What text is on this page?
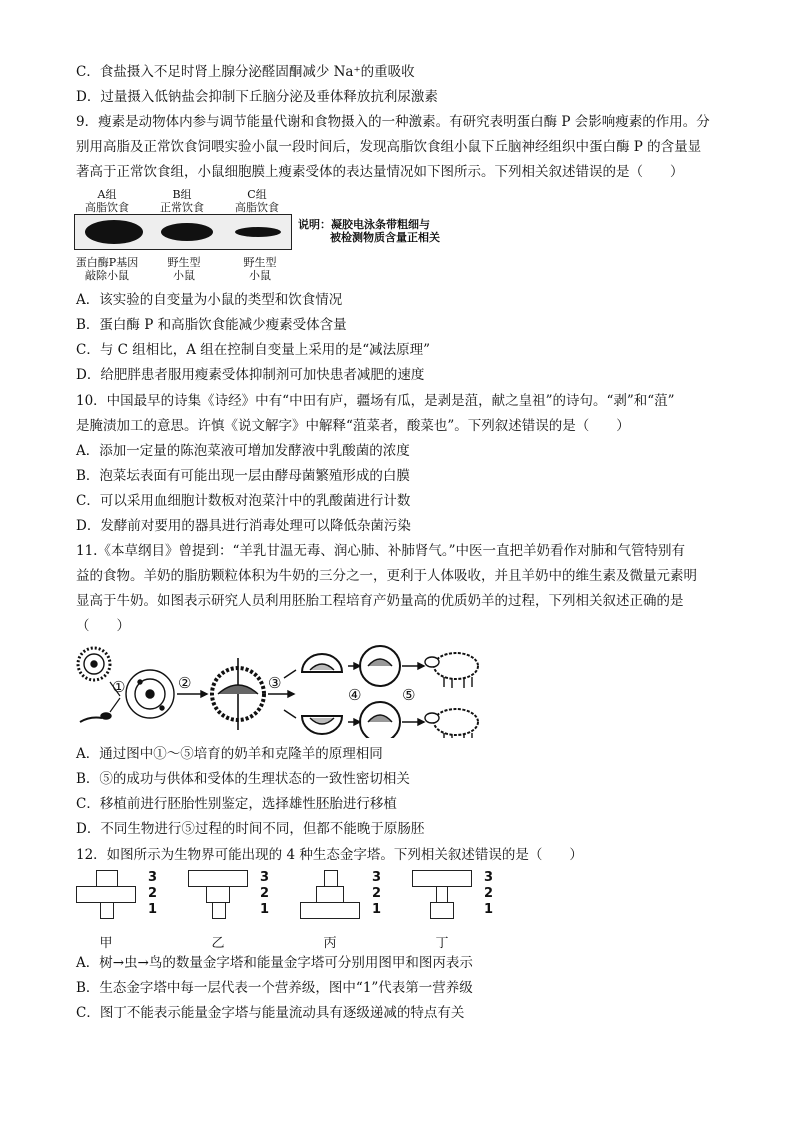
C．食盐摄入不足时肾上腺分泌醛固酮减少 Na⁺的重吸收
D．过量摄入低钠盐会抑制下丘脑分泌及垂体释放抗利尿激素
9．瘦素是动物体内参与调节能量代谢和食物摄入的一种激素。有研究表明蛋白酶 P 会影响瘦素的作用。分
别用高脂及正常饮食饲喂实验小鼠一段时间后，发现高脂饮食组小鼠下丘脑神经组织中蛋白酶 P 的含量显
著高于正常饮食组，小鼠细胞膜上瘦素受体的表达量情况如下图所示。下列相关叙述错误的是（　　）
A组
高脂饮食
B组
正常饮食
C组
高脂饮食
说明：凝胶电泳条带粗细与
被检测物质含量正相关
蛋白酶P基因
敲除小鼠
野生型
小鼠
野生型
小鼠
A．该实验的自变量为小鼠的类型和饮食情况
B．蛋白酶 P 和高脂饮食能减少瘦素受体含量
C．与 C 组相比，A 组在控制自变量上采用的是“减法原理”
D．给肥胖患者服用瘦素受体抑制剂可加快患者减肥的速度
10．中国最早的诗集《诗经》中有“中田有庐，疆场有瓜，是剥是菹，献之皇祖”的诗句。“剥”和“菹”
是腌渍加工的意思。许慎《说文解字》中解释“菹菜者，酸菜也”。下列叙述错误的是（　　）
A．添加一定量的陈泡菜液可增加发酵液中乳酸菌的浓度
B．泡菜坛表面有可能出现一层由酵母菌繁殖形成的白膜
C．可以采用血细胞计数板对泡菜汁中的乳酸菌进行计数
D．发酵前对要用的器具进行消毒处理可以降低杂菌污染
11.《本草纲目》曾提到：“羊乳甘温无毒、润心肺、补肺肾气。”中医一直把羊奶看作对肺和气管特别有
益的食物。羊奶的脂肪颗粒体积为牛奶的三分之一，更利于人体吸收，并且羊奶中的维生素及微量元素明
显高于牛奶。如图表示研究人员利用胚胎工程培育产奶量高的优质奶羊的过程，下列相关叙述正确的是
（　　）
①	②	③
④	⑤
A．通过图中①～⑤培育的奶羊和克隆羊的原理相同
B．⑤的成功与供体和受体的生理状态的一致性密切相关
C．移植前进行胚胎性别鉴定，选择雄性胚胎进行移植
D．不同生物进行⑤过程的时间不同，但都不能晚于原肠胚
12．如图所示为生物界可能出现的 4 种生态金字塔。下列相关叙述错误的是（　　）
3
2
1
甲
3
2
1
乙
3
2
1
丙
3
2
1
丁
A．树→虫→鸟的数量金字塔和能量金字塔可分别用图甲和图丙表示
B．生态金字塔中每一层代表一个营养级，图中“1”代表第一营养级
C．图丁不能表示能量金字塔与能量流动具有逐级递减的特点有关
